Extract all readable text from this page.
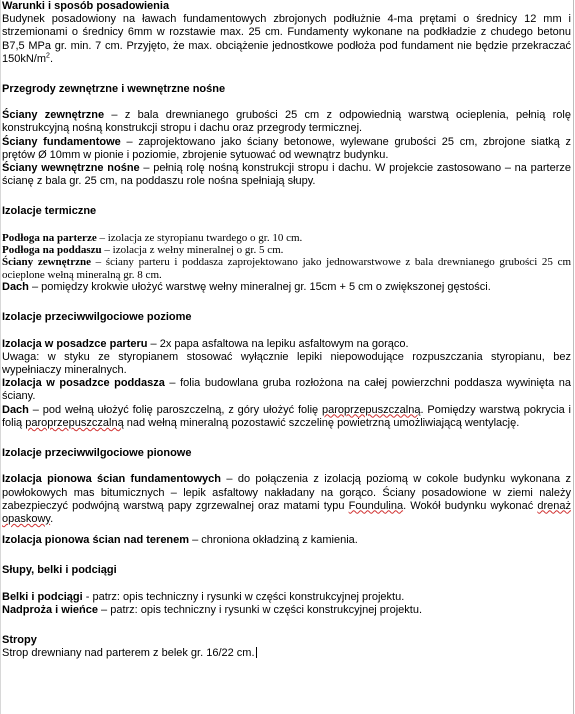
Warunki i sposób posadowienia

Budynek posadowiony na ławach fundamentowych zbrojonych podłużnie 4-ma prętami o średnicy 12 mm i strzemionami o średnicy 6mm w rozstawie max. 25 cm. Fundamenty wykonane na podkładzie z chudego betonu B7,5 MPa gr. min. 7 cm. Przyjęto, że max. obciążenie jednostkowe podłoża pod fundament nie będzie przekraczać $150kN/m^2$.

Przegrody zewnętrzne i wewnętrzne nośne

Ściany zewnętrzne – z bala drewnianego grubości 25 cm z odpowiednią warstwą ocieplenia, pełnią rolę konstrukcyjną nośną konstrukcji stropu i dachu oraz przegrody termicznej.

Ściany fundamentowe – zaprojektowano jako ściany betonowe, wylewane grubości 25 cm, zbrojone siatką z prętów Ø 10mm w pionie i poziomie, zbrojenie sytuować od wewnątrz budynku.

Ściany wewnętrzne nośne – pełnią rolę nośną konstrukcji stropu i dachu. W projekcie zastosowano – na parterze ścianę z bala gr. 25 cm, na poddaszu role nośna spełniają słupy.

Izolacje termiczne

Podłoga na parterze – izolacja ze styropianu twardego o gr. 10 cm.

Podłoga na poddaszu – izolacja z wełny mineralnej o gr. 5 cm.

Ściany zewnętrzne – ściany parteru i poddasza zaprojektowano jako jednowarstwowe z bala drewnianego grubości 25 cm ocieplone wełną mineralną gr. 8 cm.

Dach – pomiędzy krokwie ułożyć warstwę wełny mineralnej gr. 15cm + 5 cm o zwiększonej gęstości.

Izolacje przeciwwilgociowe poziome

Izolacja w posadzce parteru – 2x papa asfaltowa na lepiku asfaltowym na gorąco.

Uwaga: w styku ze styropianem stosować wyłącznie lepiki niepowodujące rozpuszczania styropianu, bez wypełniaczy mineralnych.

Izolacja w posadzce poddasza – folia budowlana gruba rozłożona na całej powierzchni poddasza wywinięta na ściany.

Dach – pod wełną ułożyć folię paroszczelną, z góry ułożyć folię paroprzepuszczalną. Pomiędzy warstwą pokrycia i folią paroprzepuszczalną nad wełną mineralną pozostawić szczelinę powietrzną umożliwiającą wentylację.

Izolacje przeciwwilgociowe pionowe

Izolacja pionowa ścian fundamentowych – do połączenia z izolacją poziomą w cokole budynku wykonana z powłokowych mas bitumicznych – lepik asfaltowy nakładany na gorąco. Ściany posadowione w ziemi należy zabezpieczyć podwójną warstwą papy zgrzewalnej oraz matami typu Foundulina. Wokół budynku wykonać drenaż opaskowy.

Izolacja pionowa ścian nad terenem – chroniona okładziną z kamienia.

Słupy, belki i podciągi

Belki i podciągi - patrz: opis techniczny i rysunki w części konstrukcyjnej projektu.

Nadproża i wieńce – patrz: opis techniczny i rysunki w części konstrukcyjnej projektu.

Stropy

Strop drewniany nad parterem z belek gr. 16/22 cm.
